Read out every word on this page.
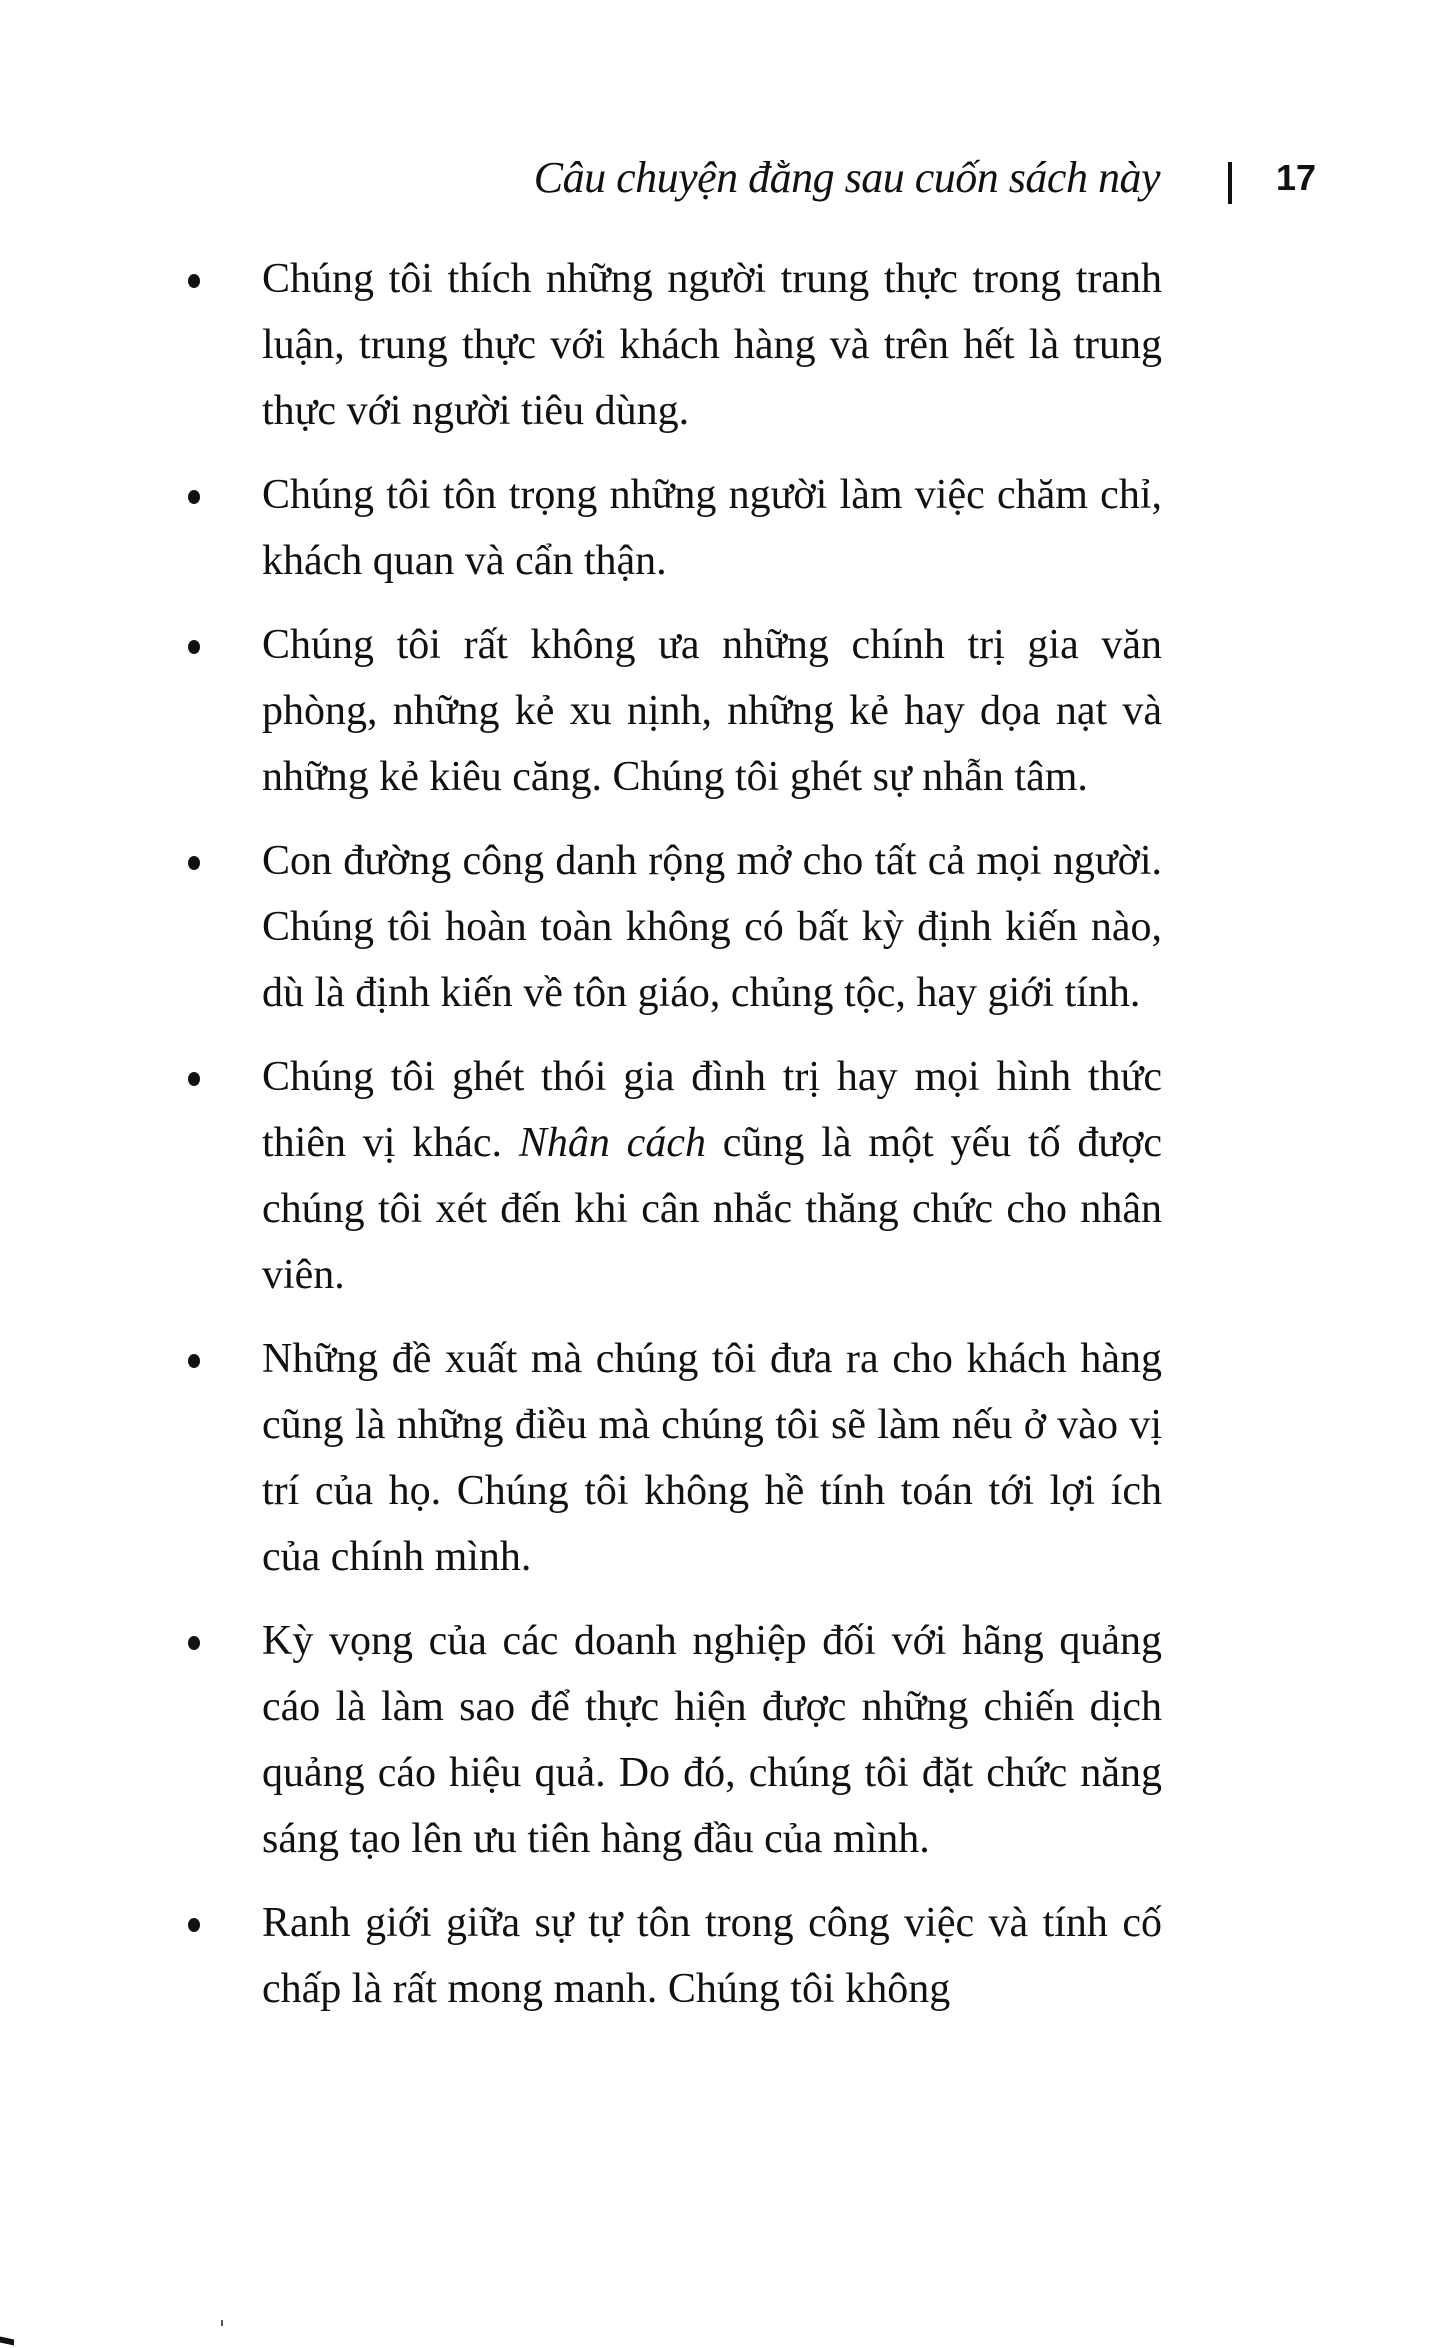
Câu chuyện đằng sau cuốn sách này	17
Chúng tôi thích những người trung thực trong tranh luận, trung thực với khách hàng và trên hết là trung thực với người tiêu dùng.
Chúng tôi tôn trọng những người làm việc chăm chỉ, khách quan và cẩn thận.
Chúng tôi rất không ưa những chính trị gia văn phòng, những kẻ xu nịnh, những kẻ hay dọa nạt và những kẻ kiêu căng. Chúng tôi ghét sự nhẫn tâm.
Con đường công danh rộng mở cho tất cả mọi người. Chúng tôi hoàn toàn không có bất kỳ định kiến nào, dù là định kiến về tôn giáo, chủng tộc, hay giới tính.
Chúng tôi ghét thói gia đình trị hay mọi hình thức thiên vị khác. Nhân cách cũng là một yếu tố được chúng tôi xét đến khi cân nhắc thăng chức cho nhân viên.
Những đề xuất mà chúng tôi đưa ra cho khách hàng cũng là những điều mà chúng tôi sẽ làm nếu ở vào vị trí của họ. Chúng tôi không hề tính toán tới lợi ích của chính mình.
Kỳ vọng của các doanh nghiệp đối với hãng quảng cáo là làm sao để thực hiện được những chiến dịch quảng cáo hiệu quả. Do đó, chúng tôi đặt chức năng sáng tạo lên ưu tiên hàng đầu của mình.
Ranh giới giữa sự tự tôn trong công việc và tính cố chấp là rất mong manh. Chúng tôi không
